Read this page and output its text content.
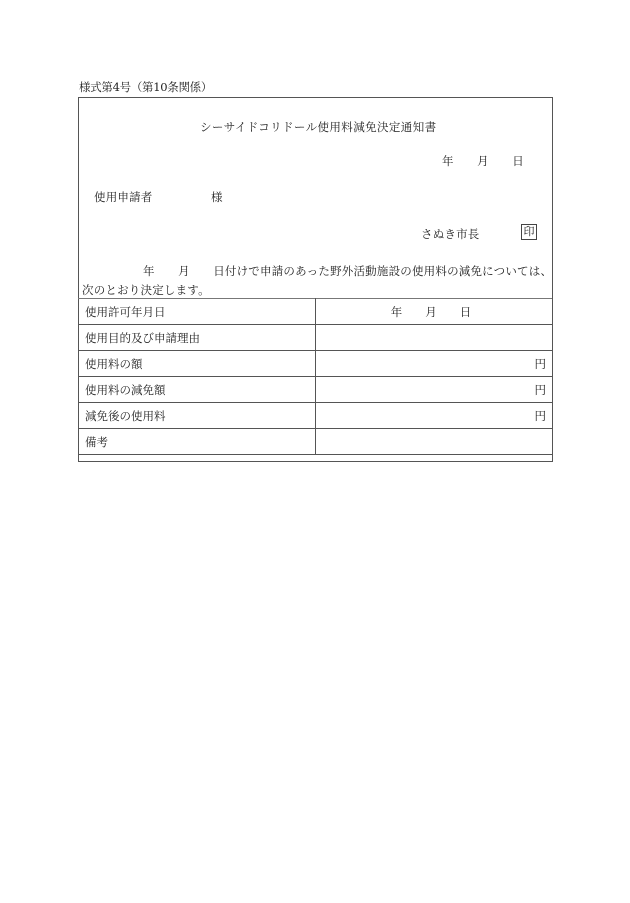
様式第4号（第10条関係）
シーサイドコリドール使用料減免決定通知書
年　　月　　日
使用申請者　　　　　様
さぬき市長	印
年　　月　　日付けで申請のあった野外活動施設の使用料の減免については、
次のとおり決定します。
使用許可年月日	年　　月　　日
使用目的及び申請理由	
使用料の額	円
使用料の減免額	円
減免後の使用料	円
備考	
